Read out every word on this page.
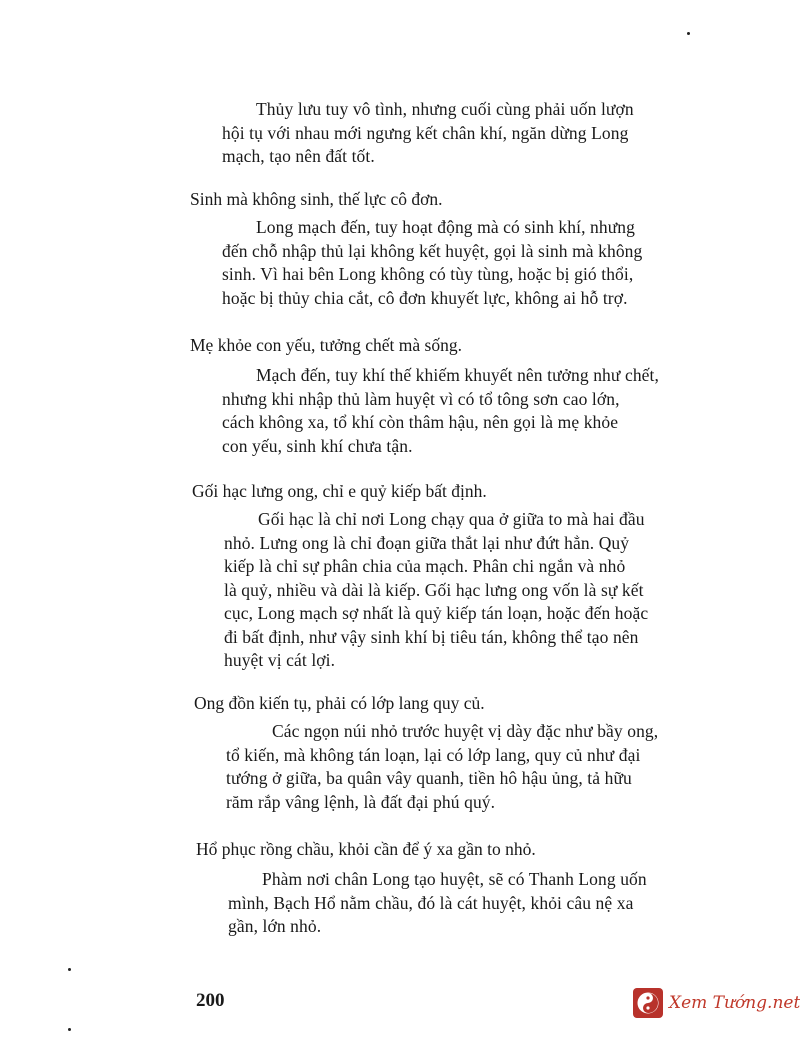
Thủy lưu tuy vô tình, nhưng cuối cùng phải uốn lượn
hội tụ với nhau mới ngưng kết chân khí, ngăn dừng Long
mạch, tạo nên đất tốt.
Sinh mà không sinh, thế lực cô đơn.
Long mạch đến, tuy hoạt động mà có sinh khí, nhưng
đến chỗ nhập thủ lại không kết huyệt, gọi là sinh mà không
sinh. Vì hai bên Long không có tùy tùng, hoặc bị gió thổi,
hoặc bị thủy chia cắt, cô đơn khuyết lực, không ai hỗ trợ.
Mẹ khỏe con yếu, tưởng chết mà sống.
Mạch đến, tuy khí thế khiếm khuyết nên tưởng như chết,
nhưng khi nhập thủ làm huyệt vì có tổ tông sơn cao lớn,
cách không xa, tổ khí còn thâm hậu, nên gọi là mẹ khỏe
con yếu, sinh khí chưa tận.
Gối hạc lưng ong, chỉ e quỷ kiếp bất định.
Gối hạc là chỉ nơi Long chạy qua ở giữa to mà hai đầu
nhỏ. Lưng ong là chỉ đoạn giữa thắt lại như đứt hẳn. Quỷ
kiếp là chỉ sự phân chia của mạch. Phân chi ngắn và nhỏ
là quỷ, nhiều và dài là kiếp. Gối hạc lưng ong vốn là sự kết
cục, Long mạch sợ nhất là quỷ kiếp tán loạn, hoặc đến hoặc
đi bất định, như vậy sinh khí bị tiêu tán, không thể tạo nên
huyệt vị cát lợi.
Ong đồn kiến tụ, phải có lớp lang quy củ.
Các ngọn núi nhỏ trước huyệt vị dày đặc như bầy ong,
tổ kiến, mà không tán loạn, lại có lớp lang, quy củ như đại
tướng ở giữa, ba quân vây quanh, tiền hô hậu ủng, tả hữu
răm rắp vâng lệnh, là đất đại phú quý.
Hổ phục rồng chầu, khỏi cần để ý xa gần to nhỏ.
Phàm nơi chân Long tạo huyệt, sẽ có Thanh Long uốn
mình, Bạch Hổ nằm chầu, đó là cát huyệt, khỏi câu nệ xa
gần, lớn nhỏ.
200	Xem Tướng.net
